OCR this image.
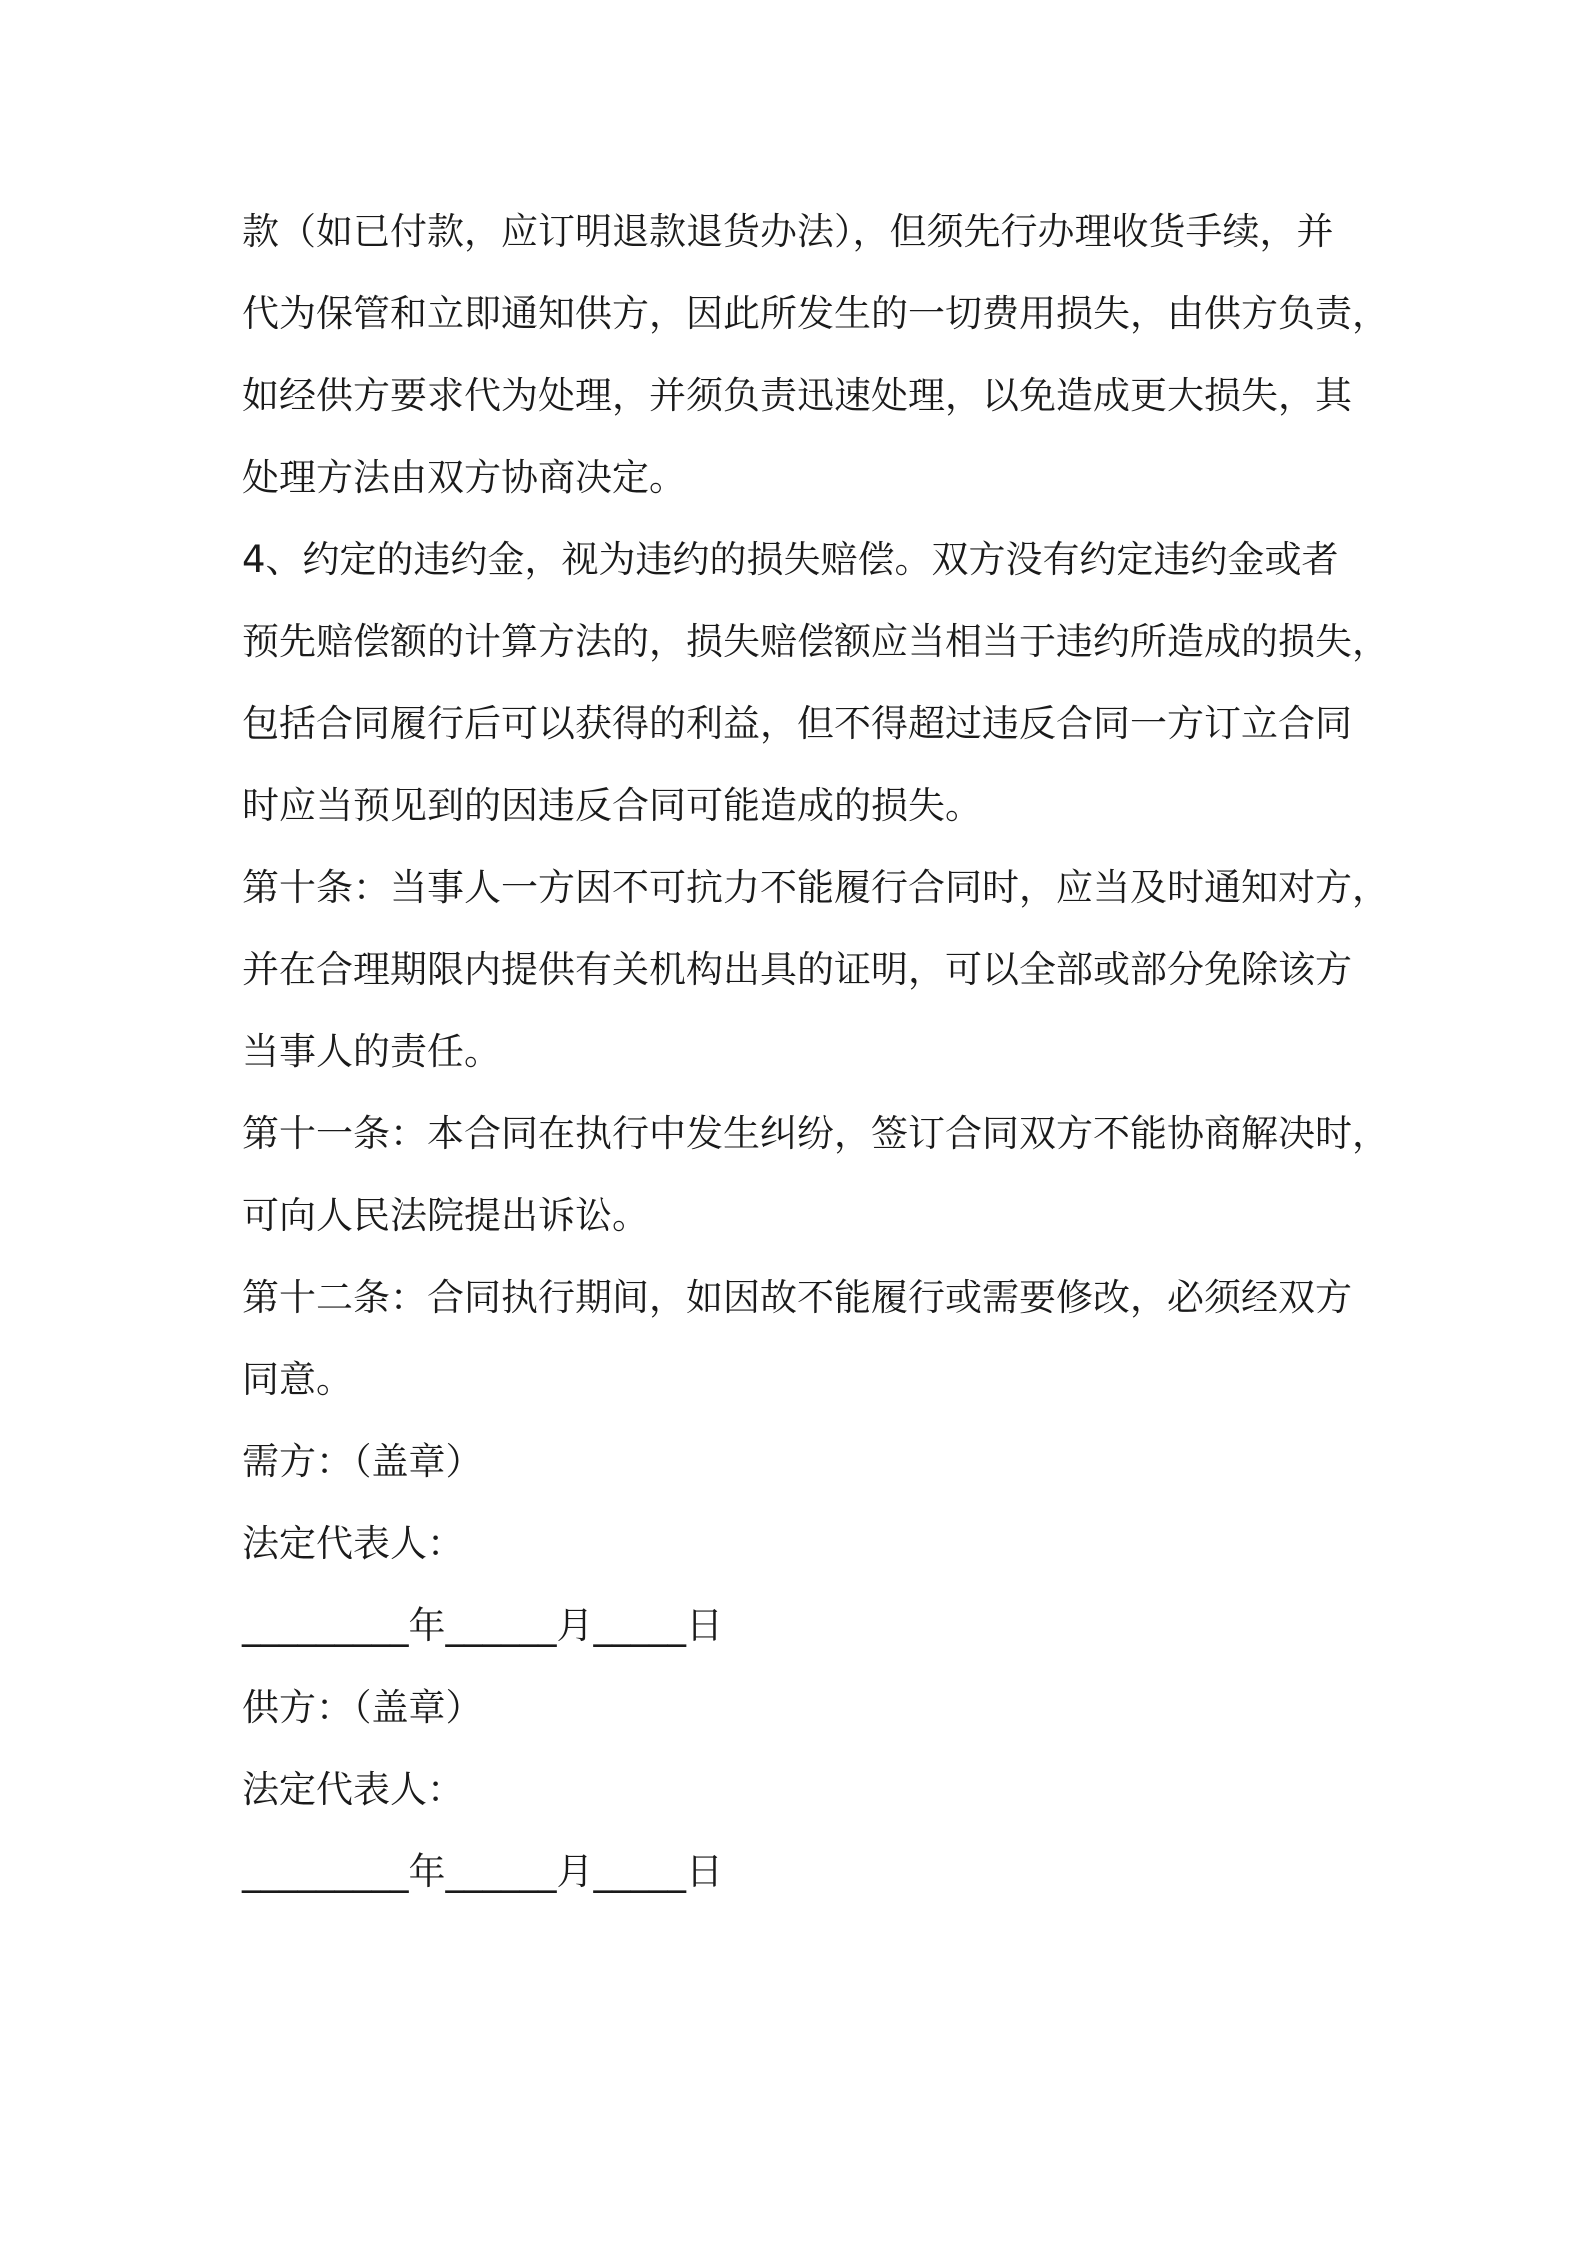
款（如已付款，应订明退款退货办法），但须先行办理收货手续，并
代为保管和立即通知供方，因此所发生的一切费用损失，由供方负责，
如经供方要求代为处理，并须负责迅速处理，以免造成更大损失，其
处理方法由双方协商决定。
4、约定的违约金，视为违约的损失赔偿。双方没有约定违约金或者
预先赔偿额的计算方法的，损失赔偿额应当相当于违约所造成的损失，
包括合同履行后可以获得的利益，但不得超过违反合同一方订立合同
时应当预见到的因违反合同可能造成的损失。
第十条：当事人一方因不可抗力不能履行合同时，应当及时通知对方，
并在合理期限内提供有关机构出具的证明，可以全部或部分免除该方
当事人的责任。
第十一条：本合同在执行中发生纠纷，签订合同双方不能协商解决时，
可向人民法院提出诉讼。
第十二条：合同执行期间，如因故不能履行或需要修改，必须经双方
同意。
需方：（盖章）
法定代表人：
_________年______月_____日
供方：（盖章）
法定代表人：
_________年______月_____日
